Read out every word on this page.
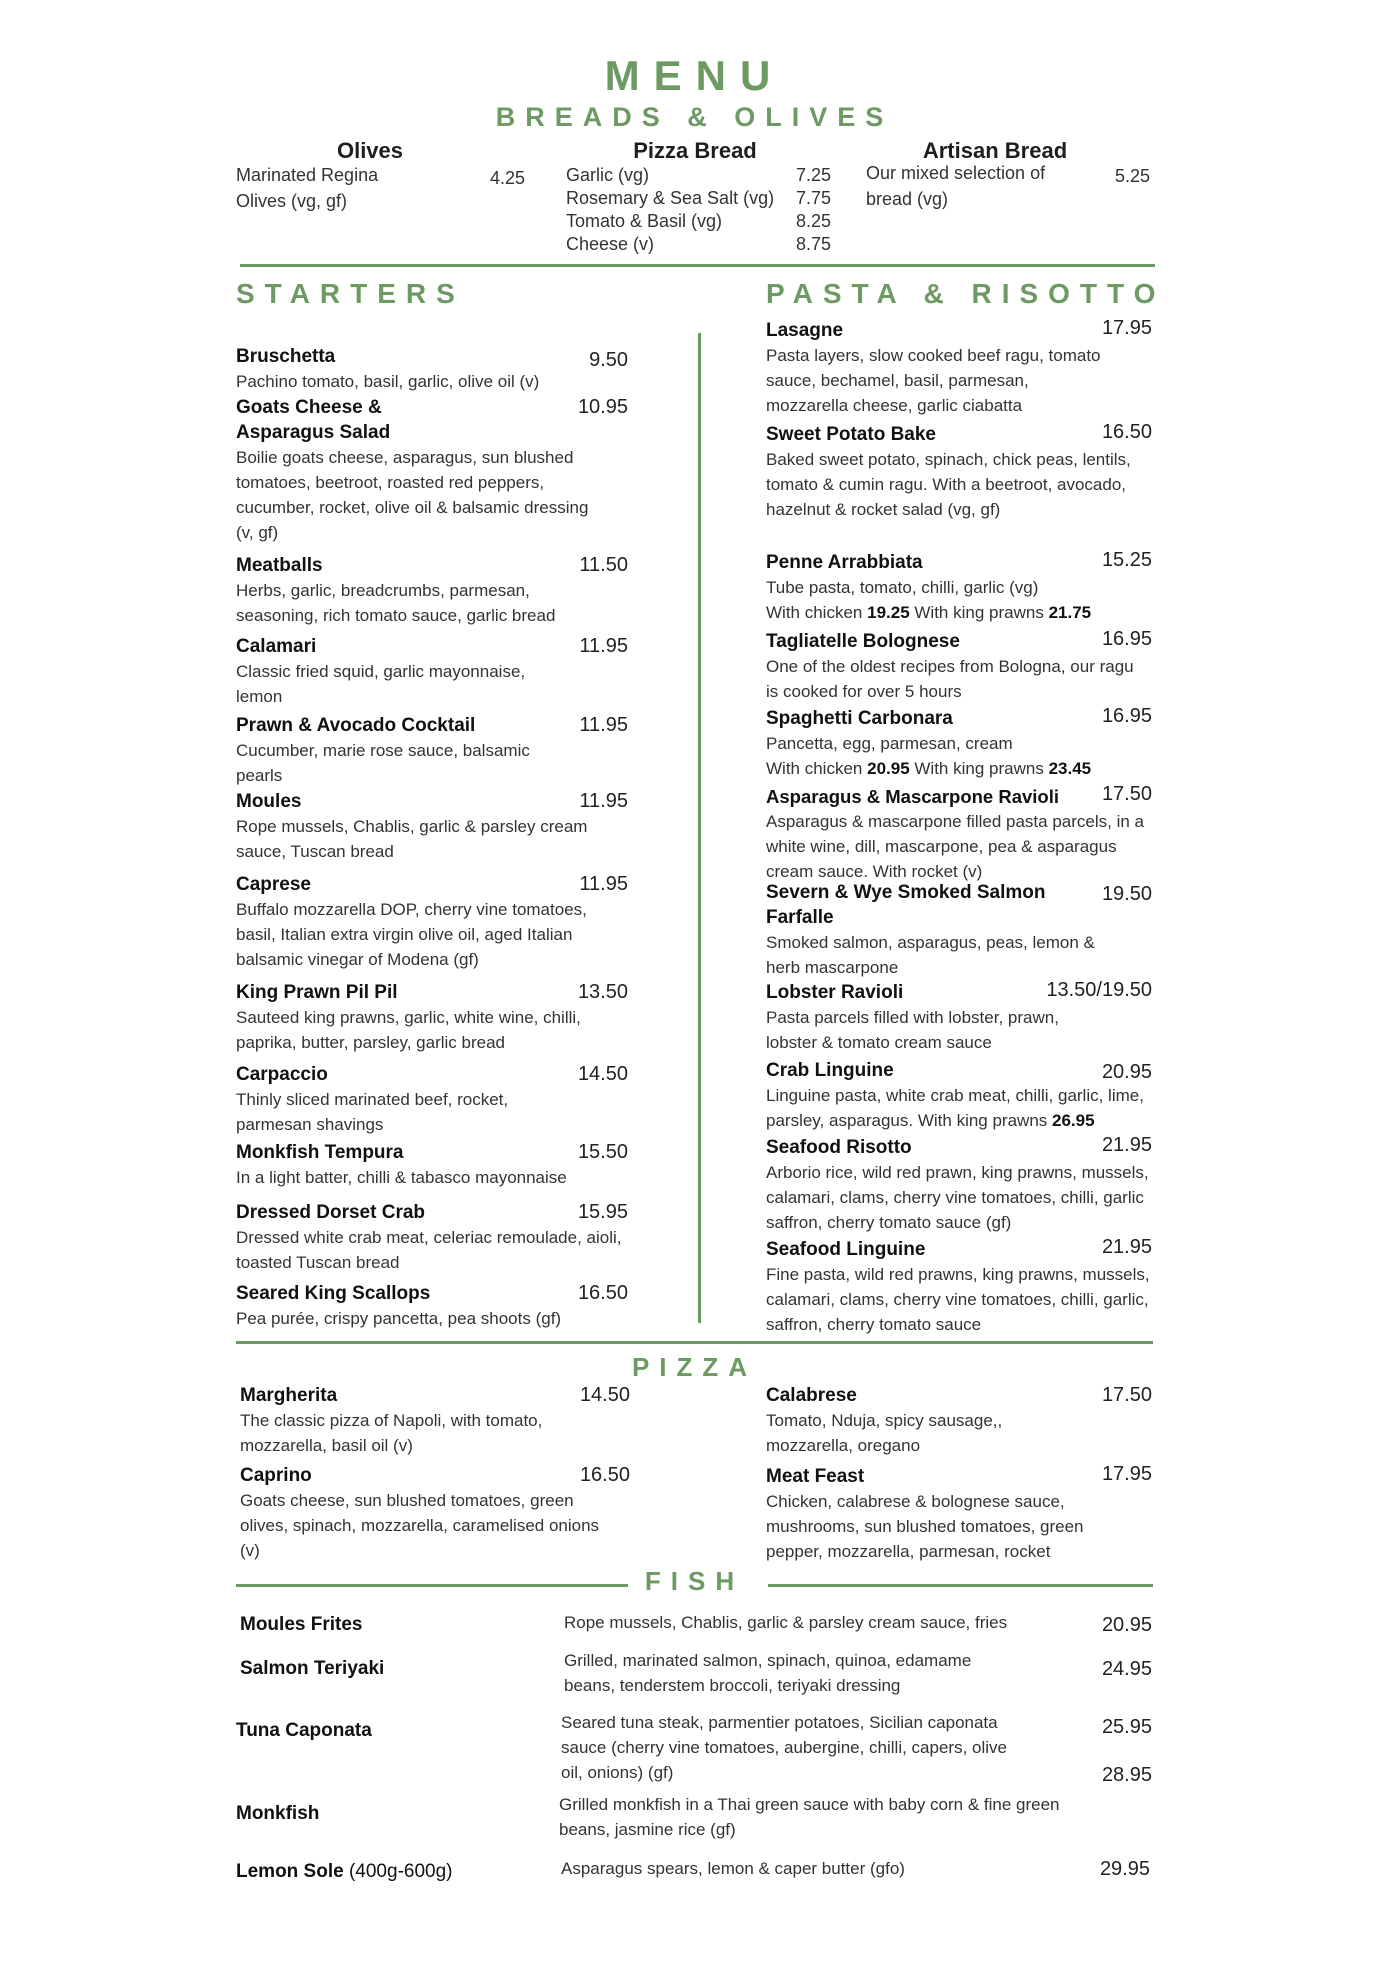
MENU
BREADS & OLIVES
Olives
Marinated Regina
Olives (vg, gf)
4.25
Pizza Bread
Garlic (vg)	7.25
Rosemary & Sea Salt (vg) 7.75
Tomato & Basil (vg)	8.25
Cheese (v)	8.75
Artisan Bread
Our mixed selection of
bread (vg)
5.25
STARTERS	PASTA & RISOTTO
Bruschetta
Pachino tomato, basil, garlic, olive oil (v)
9.50
Goats Cheese & Asparagus Salad
Boilie goats cheese, asparagus, sun blushed tomatoes, beetroot, roasted red peppers, cucumber, rocket, olive oil & balsamic dressing (v, gf)
10.95
Meatballs
Herbs, garlic, breadcrumbs, parmesan, seasoning, rich tomato sauce, garlic bread
11.50
Calamari
Classic fried squid, garlic mayonnaise, lemon
11.95
Prawn & Avocado Cocktail
Cucumber, marie rose sauce, balsamic pearls
11.95
Moules
Rope mussels, Chablis, garlic & parsley cream sauce, Tuscan bread
11.95
Caprese
Buffalo mozzarella DOP, cherry vine tomatoes, basil, Italian extra virgin olive oil, aged Italian balsamic vinegar of Modena (gf)
11.95
King Prawn Pil Pil
Sauteed king prawns, garlic, white wine, chilli, paprika, butter, parsley, garlic bread
13.50
Carpaccio
Thinly sliced marinated beef, rocket, parmesan shavings
14.50
Monkfish Tempura
In a light batter, chilli & tabasco mayonnaise
15.50
Dressed Dorset Crab
Dressed white crab meat, celeriac remoulade, aioli, toasted Tuscan bread
15.95
Seared King Scallops
Pea purée, crispy pancetta, pea shoots (gf)
16.50
Lasagne
Pasta layers, slow cooked beef ragu, tomato sauce, bechamel, basil, parmesan, mozzarella cheese, garlic ciabatta
17.95
Sweet Potato Bake
Baked sweet potato, spinach, chick peas, lentils, tomato & cumin ragu. With a beetroot, avocado, hazelnut & rocket salad (vg, gf)
16.50
Penne Arrabbiata
Tube pasta, tomato, chilli, garlic (vg)
With chicken 19.25 With king prawns 21.75
15.25
Tagliatelle Bolognese
One of the oldest recipes from Bologna, our ragu is cooked for over 5 hours
16.95
Spaghetti Carbonara
Pancetta, egg, parmesan, cream
With chicken 20.95 With king prawns 23.45
16.95
Asparagus & Mascarpone Ravioli
Asparagus & mascarpone filled pasta parcels, in a white wine, dill, mascarpone, pea & asparagus cream sauce. With rocket (v)
17.50
Severn & Wye Smoked Salmon Farfalle
Smoked salmon, asparagus, peas, lemon & herb mascarpone
19.50
Lobster Ravioli
Pasta parcels filled with lobster, prawn, lobster & tomato cream sauce
13.50/19.50
Crab Linguine
Linguine pasta, white crab meat, chilli, garlic, lime, parsley, asparagus. With king prawns 26.95
20.95
Seafood Risotto
Arborio rice, wild red prawn, king prawns, mussels, calamari, clams, cherry vine tomatoes, chilli, garlic saffron, cherry tomato sauce (gf)
21.95
Seafood Linguine
Fine pasta, wild red prawns, king prawns, mussels, calamari, clams, cherry vine tomatoes, chilli, garlic, saffron, cherry tomato sauce
21.95
PIZZA
Margherita
The classic pizza of Napoli, with tomato, mozzarella, basil oil (v)
14.50
Caprino
Goats cheese, sun blushed tomatoes, green olives, spinach, mozzarella, caramelised onions (v)
16.50
Calabrese
Tomato, Nduja, spicy sausage,, mozzarella, oregano
17.50
Meat Feast
Chicken, calabrese & bolognese sauce, mushrooms, sun blushed tomatoes, green pepper, mozzarella, parmesan, rocket
17.95
FISH
Moules Frites	Rope mussels, Chablis, garlic & parsley cream sauce, fries	20.95
Salmon Teriyaki	Grilled, marinated salmon, spinach, quinoa, edamame beans, tenderstem broccoli, teriyaki dressing
24.95
Tuna Caponata	Seared tuna steak, parmentier potatoes, Sicilian caponata sauce (cherry vine tomatoes, aubergine, chilli, capers, olive oil, onions) (gf)
25.95
Monkfish	Grilled monkfish in a Thai green sauce with baby corn & fine green beans, jasmine rice (gf)
28.95
Lemon Sole (400g-600g)	Asparagus spears, lemon & caper butter (gfo)	29.95
